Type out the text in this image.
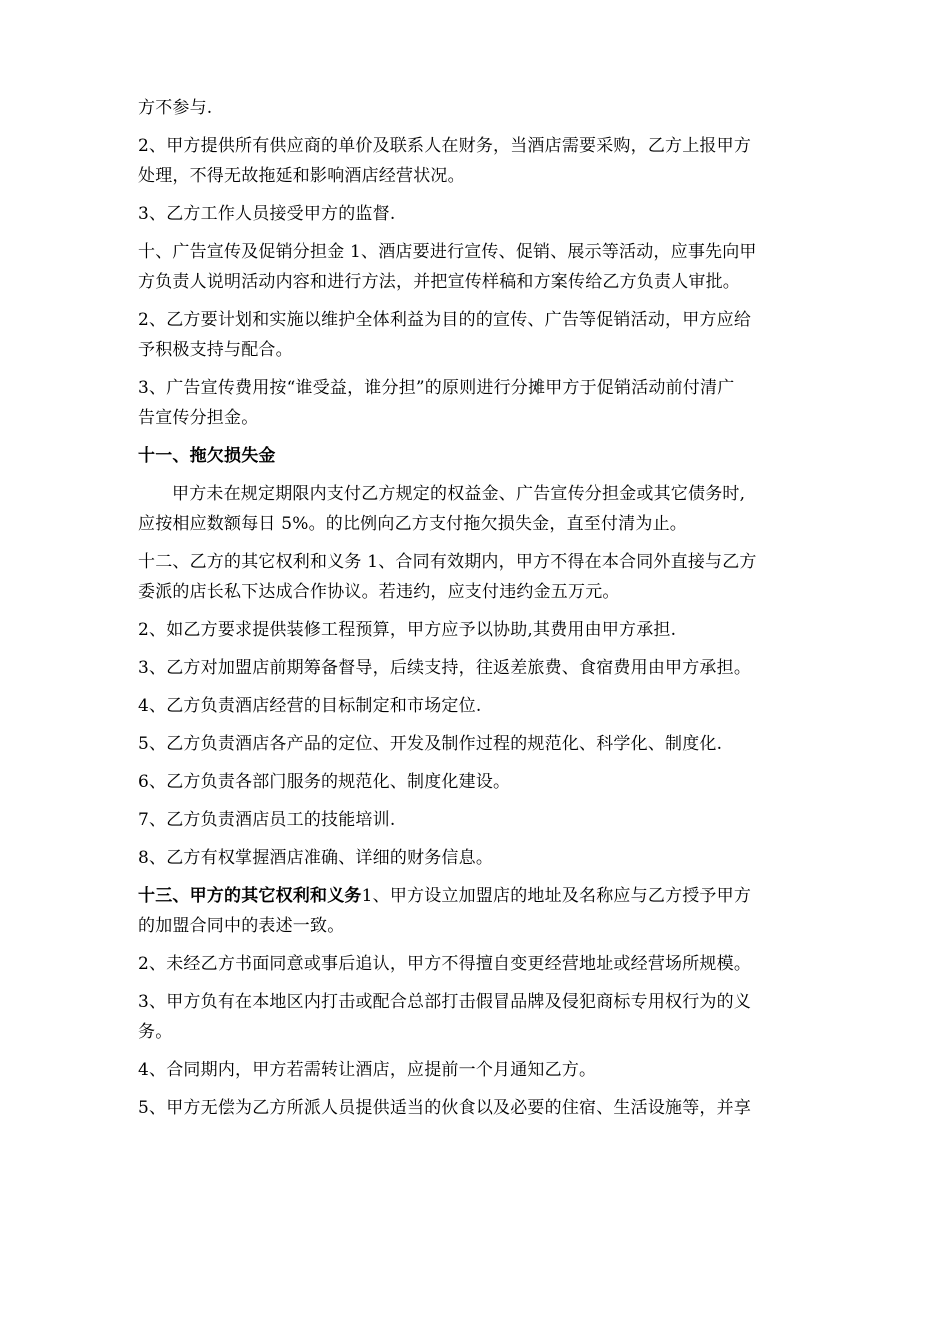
方不参与.
2、甲方提供所有供应商的单价及联系人在财务，当酒店需要采购，乙方上报甲方
处理，不得无故拖延和影响酒店经营状况。
3、乙方工作人员接受甲方的监督.
十、广告宣传及促销分担金 1、酒店要进行宣传、促销、展示等活动，应事先向甲
方负责人说明活动内容和进行方法，并把宣传样稿和方案传给乙方负责人审批。
2、乙方要计划和实施以维护全体利益为目的的宣传、广告等促销活动，甲方应给
予积极支持与配合。
3、广告宣传费用按“谁受益，谁分担”的原则进行分摊甲方于促销活动前付清广
告宣传分担金。
十一、拖欠损失金
甲方未在规定期限内支付乙方规定的权益金、广告宣传分担金或其它债务时,
应按相应数额每日 5%。的比例向乙方支付拖欠损失金，直至付清为止。
十二、乙方的其它权利和义务 1、合同有效期内，甲方不得在本合同外直接与乙方
委派的店长私下达成合作协议。若违约，应支付违约金五万元。
2、如乙方要求提供装修工程预算，甲方应予以协助,其费用由甲方承担.
3、乙方对加盟店前期筹备督导，后续支持，往返差旅费、食宿费用由甲方承担。
4、乙方负责酒店经营的目标制定和市场定位.
5、乙方负责酒店各产品的定位、开发及制作过程的规范化、科学化、制度化.
6、乙方负责各部门服务的规范化、制度化建设。
7、乙方负责酒店员工的技能培训.
8、乙方有权掌握酒店准确、详细的财务信息。
十三、甲方的其它权利和义务1、甲方设立加盟店的地址及名称应与乙方授予甲方
的加盟合同中的表述一致。
2、未经乙方书面同意或事后追认，甲方不得擅自变更经营地址或经营场所规模。
3、甲方负有在本地区内打击或配合总部打击假冒品牌及侵犯商标专用权行为的义
务。
4、合同期内，甲方若需转让酒店，应提前一个月通知乙方。
5、甲方无偿为乙方所派人员提供适当的伙食以及必要的住宿、生活设施等，并享
